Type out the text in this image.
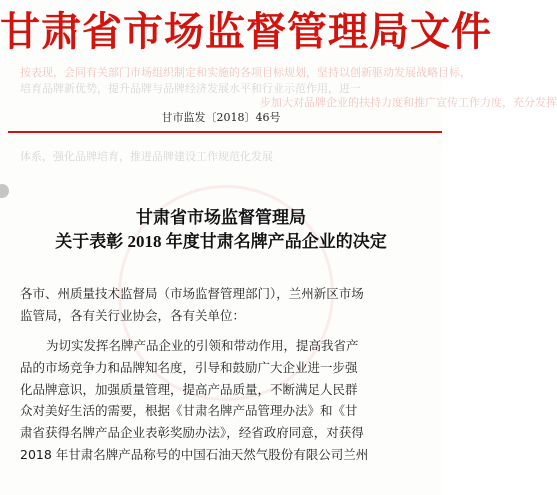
甘肃省市场监督管理局文件
按表现，会同有关部门市场组织制定和实施的各项目标规划，坚持以创新驱动发展战略目标，
培育品牌新优势，提升品牌与品牌经济发展水平和行业示范作用，进一
步加大对品牌企业的扶持力度和推广宣传工作力度，充分发挥
体系，强化品牌培育，推进品牌建设工作规范化发展
甘市监发〔2018〕46号
甘肃省市场监督管理局
关于表彰 2018 年度甘肃名牌产品企业的决定
各市、州质量技术监督局（市场监督管理部门），兰州新区市场
监管局，各有关行业协会，各有关单位：
为切实发挥名牌产品企业的引领和带动作用，提高我省产
品的市场竞争力和品牌知名度，引导和鼓励广大企业进一步强
化品牌意识，加强质量管理，提高产品质量，不断满足人民群
众对美好生活的需要，根据《甘肃名牌产品管理办法》和《甘
肃省获得名牌产品企业表彰奖励办法》，经省政府同意，对获得
2018 年甘肃名牌产品称号的中国石油天然气股份有限公司兰州
